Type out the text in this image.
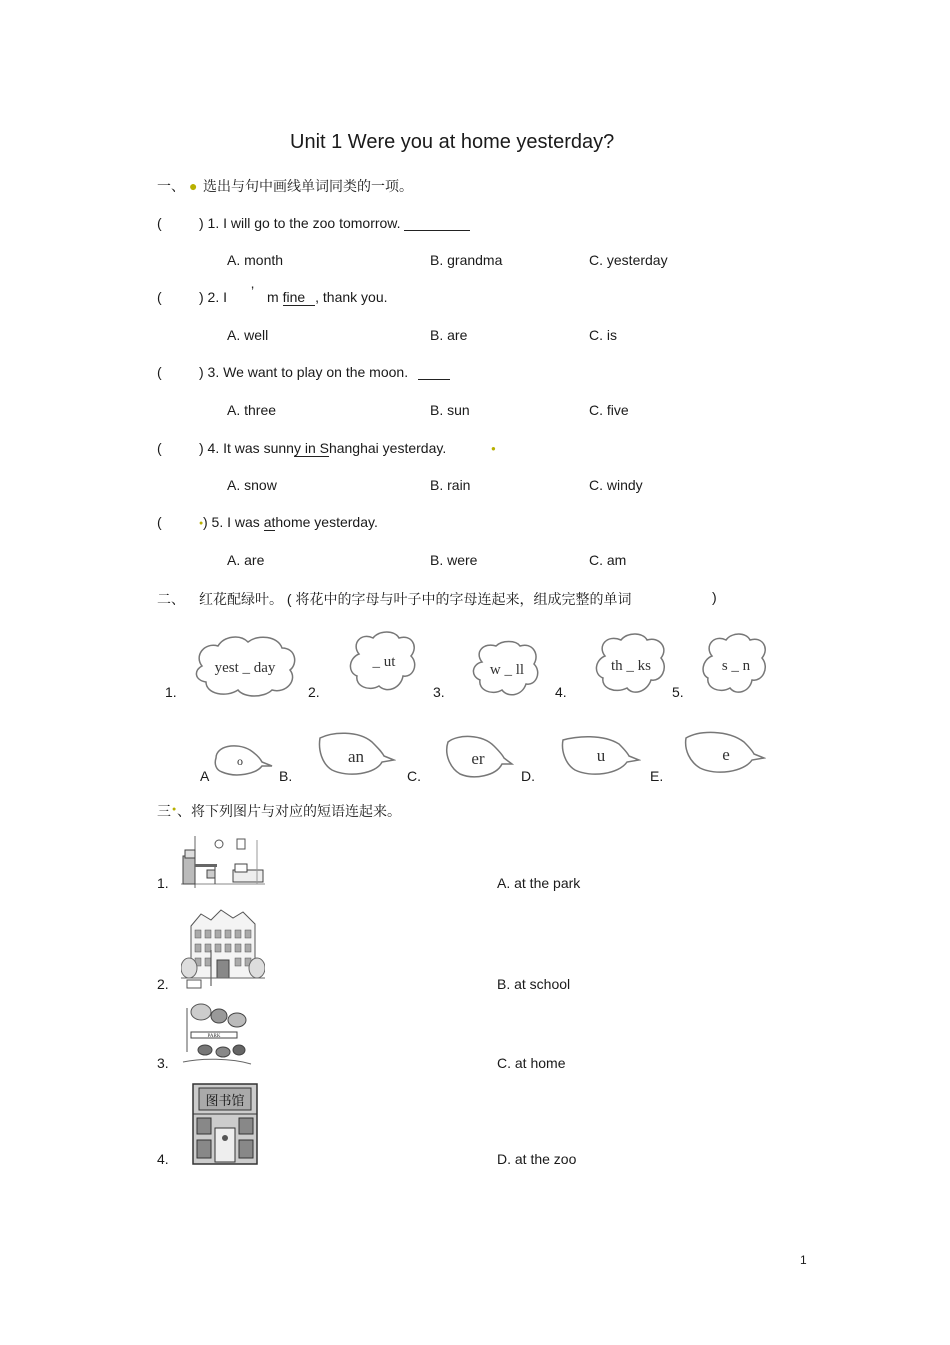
Unit 1 Were you at home yesterday?
一、 ● 选出与句中画线单词同类的一项。
(	) 1. I will go to the zoo tomorrow.
A. month	B. grandma	C. yesterday
(	) 2. I ’ m fine , thank you.
A. well	B. are	C. is
(	) 3. We want to play on the moon.
A. three	B. sun	C. five
(	) 4. It was sunny in Shanghai yesterday.	●
A. snow	B. rain	C. windy
(	● ) 5. I was athome yesterday.
A. are	B. were	C. am
二、 红花配绿叶。 ( 将花中的字母与叶子中的字母连起来，组成完整的单词	)
1.	2.	3.	4.	5.
yest _ day	_ ut	w _ ll	th _ ks	s _ n
A	B.	C.	D.	E.
o	an	er	u	e
三 ● 、将下列图片与对应的短语连起来。
1.
2.
3.
4.
PARK
图书馆
A. at the park
B. at school
C. at home
D. at the zoo
1
